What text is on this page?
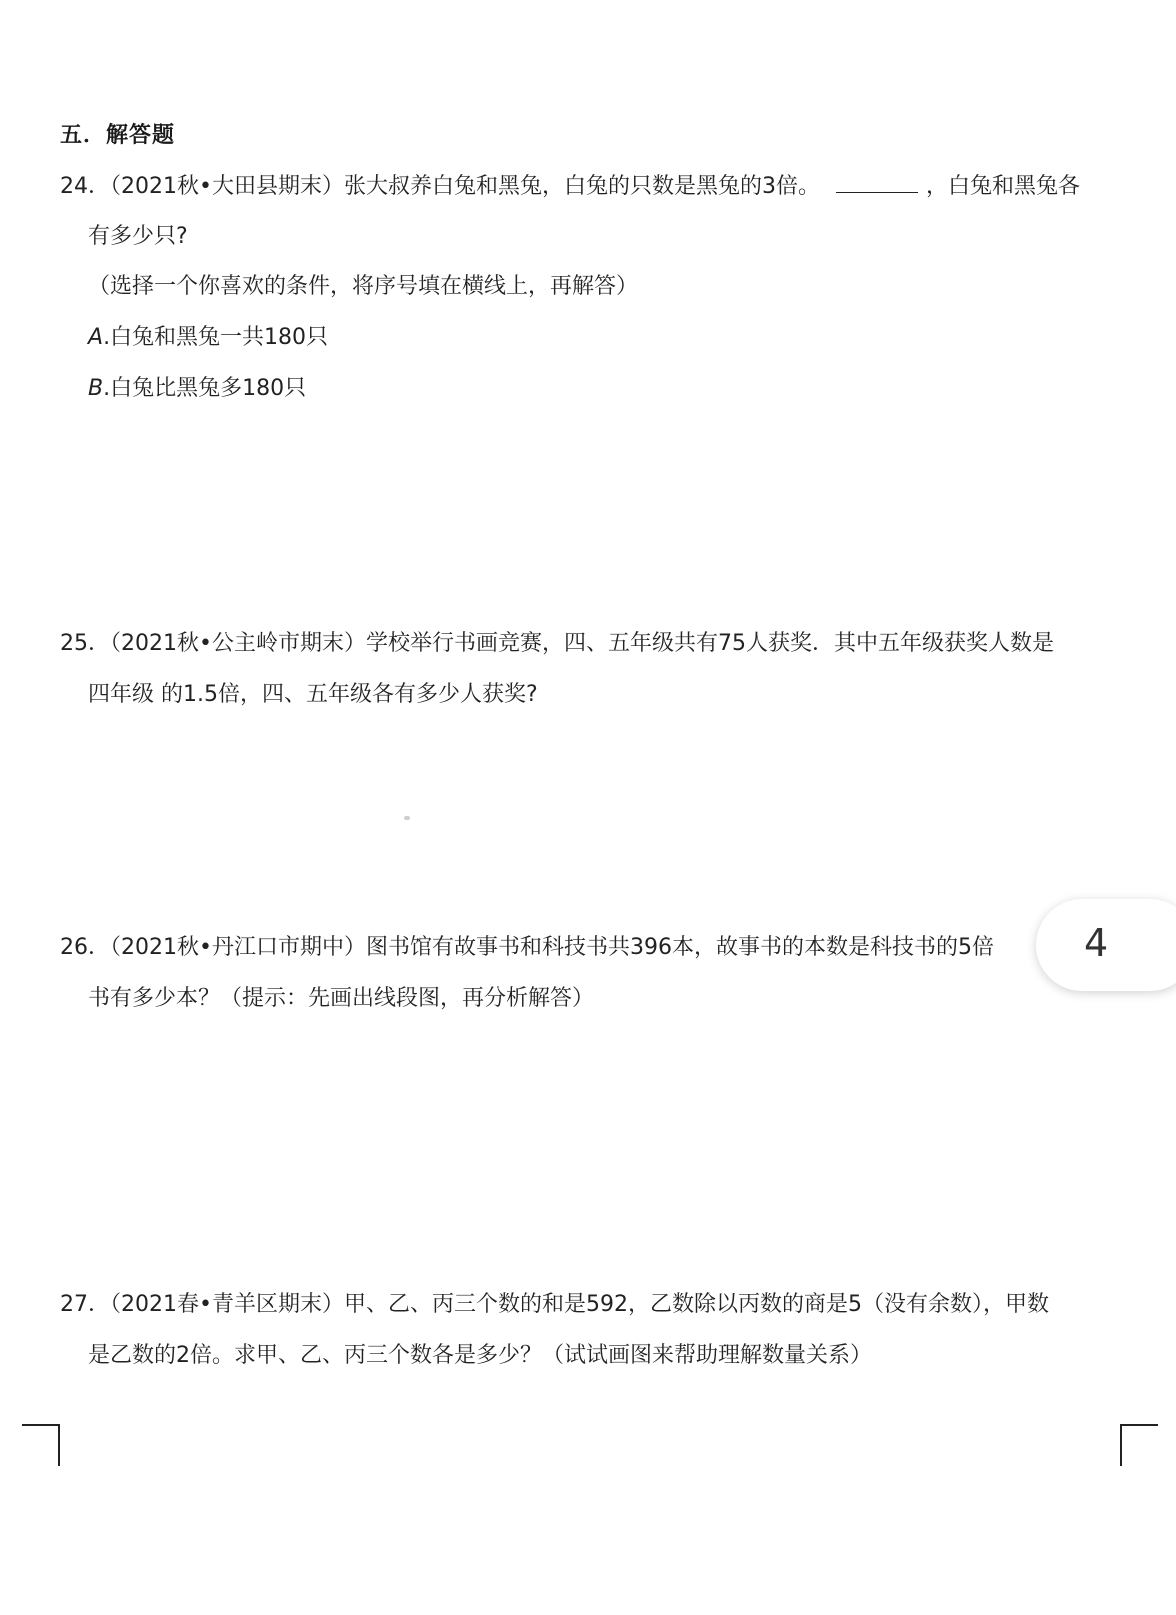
五．解答题
24．（2021秋•大田县期末）张大叔养白兔和黑兔，白兔的只数是黑兔的3倍。	，白兔和黑兔各
有多少只?
（选择一个你喜欢的条件，将序号填在横线上，再解答）
A.白兔和黑兔一共180只
B.白兔比黑兔多180只
25．（2021秋•公主岭市期末）学校举行书画竞赛，四、五年级共有75人获奖．其中五年级获奖人数是
四年级 的1.5倍，四、五年级各有多少人获奖?
26．（2021秋•丹江口市期中）图书馆有故事书和科技书共396本，故事书的本数是科技书的5倍
书有多少本？（提示：先画出线段图，再分析解答）
27．（2021春•青羊区期末）甲、乙、丙三个数的和是592，乙数除以丙数的商是5（没有余数），甲数
是乙数的2倍。求甲、乙、丙三个数各是多少？（试试画图来帮助理解数量关系）
4
